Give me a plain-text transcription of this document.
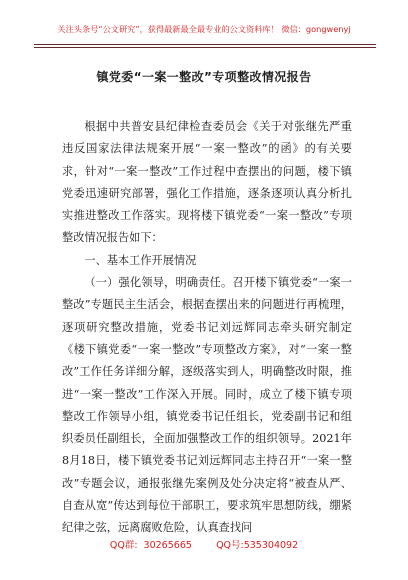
关注头条号“公文研究”，获得最新最全最专业的公文资料库！ 微信：gongwenyj
镇党委“一案一整改”专项整改情况报告

根据中共普安县纪律检查委员会《关于对张继先严重违反国家法律法规案开展“一案一整改”的函》的有关要求，针对“一案一整改”工作过程中查摆出的问题，楼下镇党委迅速研究部署，强化工作措施，逐条逐项认真分析扎实推进整改工作落实。现将楼下镇党委“一案一整改”专项整改情况报告如下：

一、基本工作开展情况

（一）强化领导，明确责任。召开楼下镇党委“一案一整改”专题民主生活会，根据查摆出来的问题进行再梳理，逐项研究整改措施，党委书记刘远辉同志牵头研究制定《楼下镇党委“一案一整改”专项整改方案》，对“一案一整改”工作任务详细分解，逐级落实到人，明确整改时限，推进“一案一整改”工作深入开展。同时，成立了楼下镇专项整改工作领导小组，镇党委书记任组长，党委副书记和组织委员任副组长，全面加强整改工作的组织领导。2021年8月18日，楼下镇党委书记刘远辉同志主持召开“一案一整改”专题会议，通报张继先案例及处分决定将“被查从严、自查从宽”传达到每位干部职工，要求筑牢思想防线，绷紧纪律之弦，远离腐败危险，认真查找问

QQ群:  30265665        QQ号:535304092
